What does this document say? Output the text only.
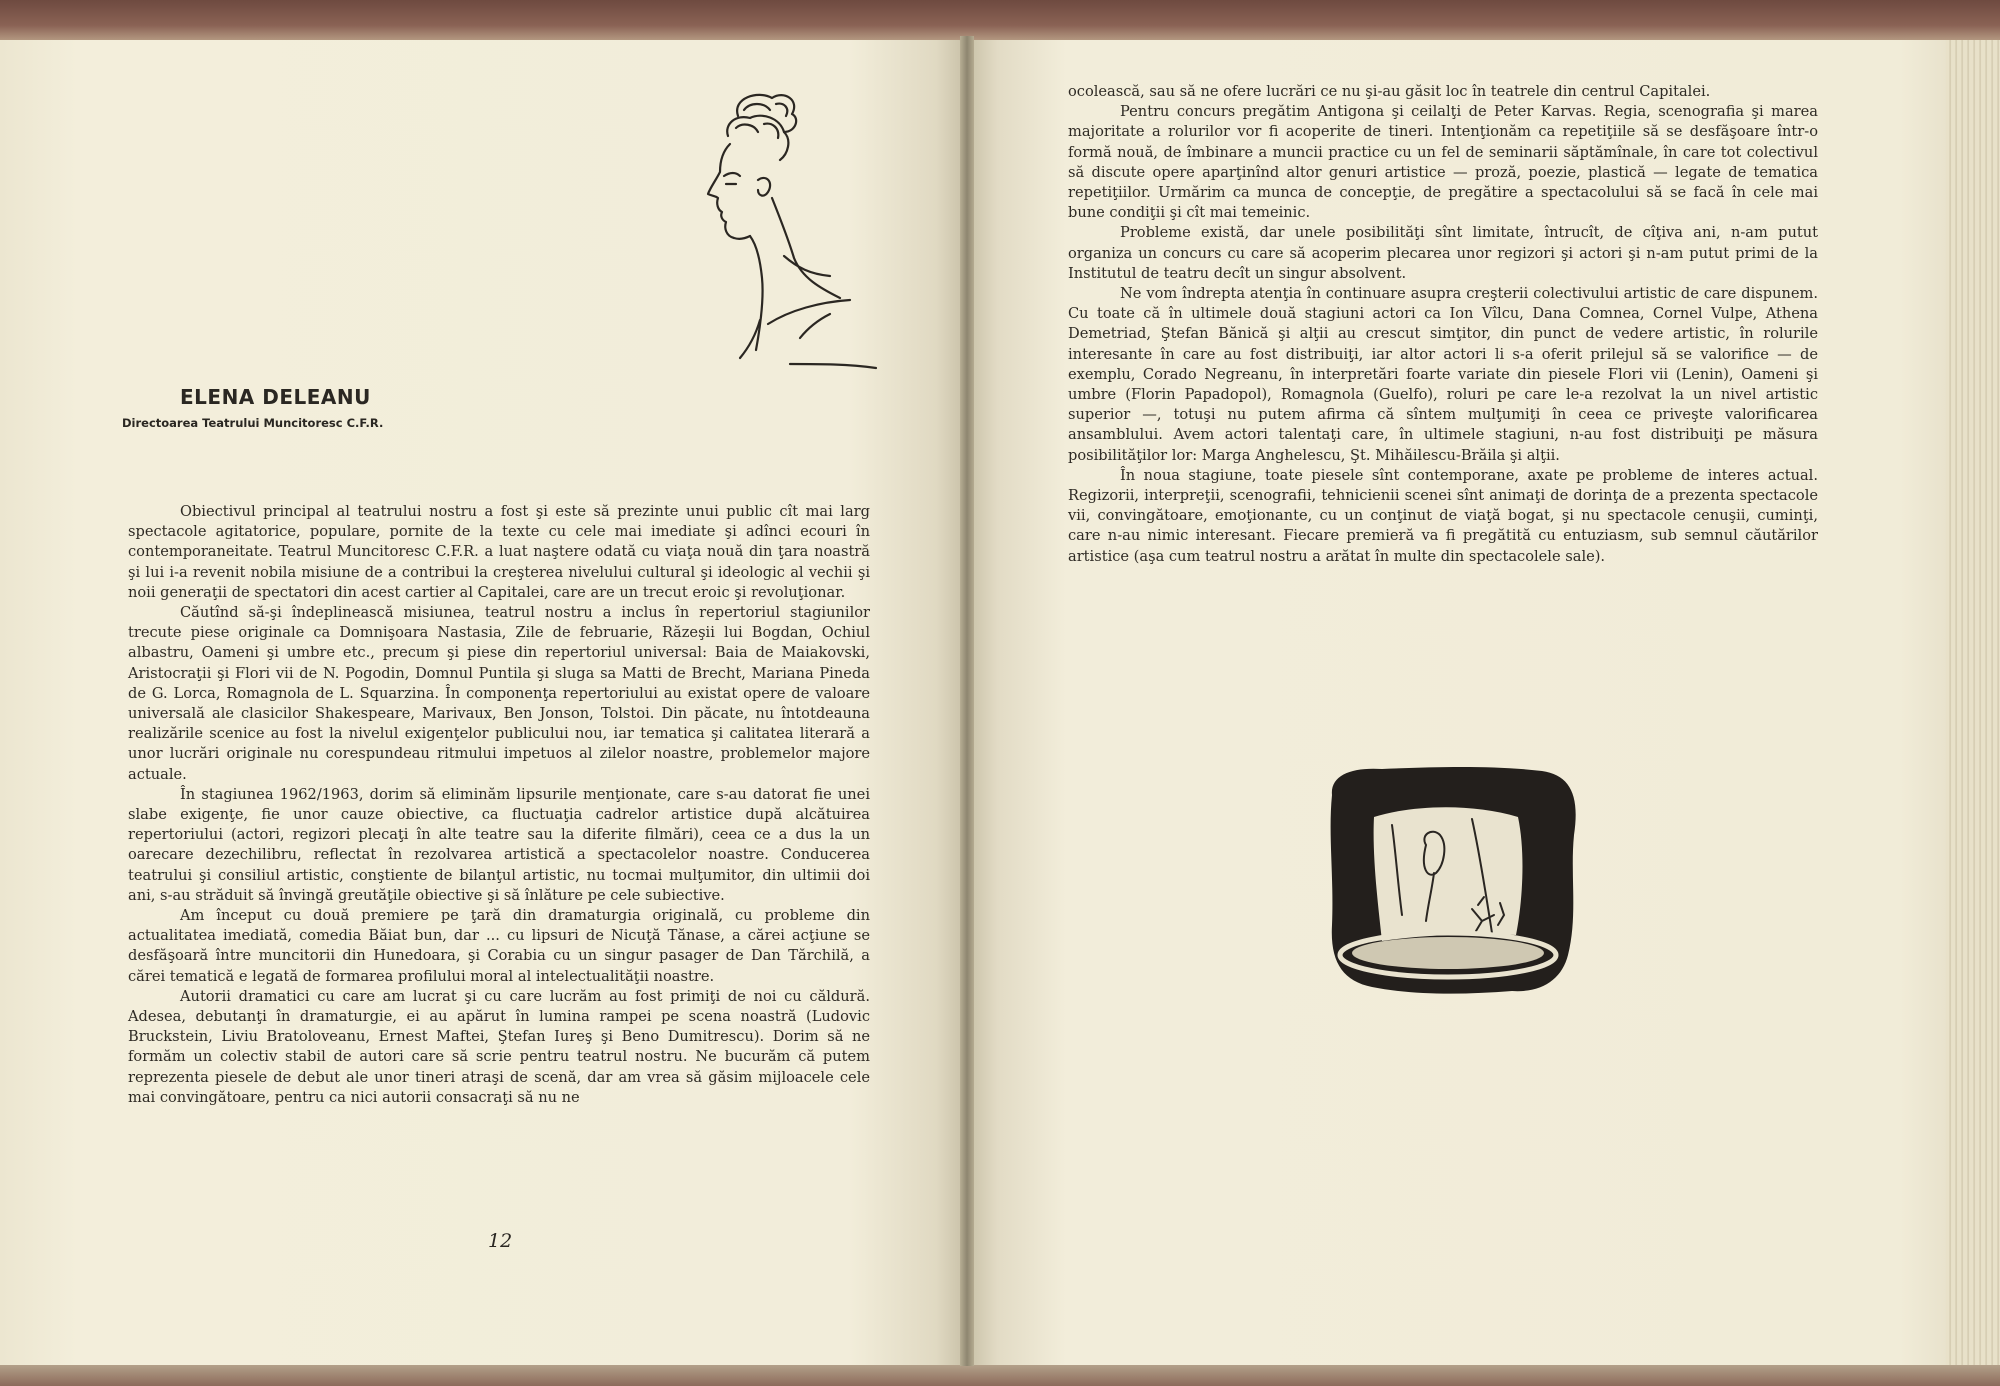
ELENA DELEANU
Directoarea Teatrului Muncitoresc C.F.R.

Obiectivul principal al teatrului nostru a fost şi este să prezinte unui public cît mai larg spectacole agitatorice, populare, pornite de la texte cu cele mai imediate şi adînci ecouri în contemporaneitate. Teatrul Muncitoresc C.F.R. a luat naştere odată cu viaţa nouă din ţara noastră şi lui i-a revenit nobila misiune de a contribui la creşterea nivelului cultural şi ideologic al vechii şi noii generaţii de spectatori din acest cartier al Capitalei, care are un trecut eroic şi revoluţionar.

Căutînd să-şi îndeplinească misiunea, teatrul nostru a inclus în repertoriul stagiunilor trecute piese originale ca Domnişoara Nastasia, Zile de februarie, Răzeşii lui Bogdan, Ochiul albastru, Oameni şi umbre etc., precum şi piese din repertoriul universal: Baia de Maiakovski, Aristocraţii şi Flori vii de N. Pogodin, Domnul Puntila şi sluga sa Matti de Brecht, Mariana Pineda de G. Lorca, Romagnola de L. Squarzina. În componenţa repertoriului au existat opere de valoare universală ale clasicilor Shakespeare, Marivaux, Ben Jonson, Tolstoi. Din păcate, nu întotdeauna realizările scenice au fost la nivelul exigenţelor publicului nou, iar tematica şi calitatea literară a unor lucrări originale nu corespundeau ritmului impetuos al zilelor noastre, problemelor majore actuale.

În stagiunea 1962/1963, dorim să eliminăm lipsurile menţionate, care s-au datorat fie unei slabe exigenţe, fie unor cauze obiective, ca fluctuaţia cadrelor artistice după alcătuirea repertoriului (actori, regizori plecaţi în alte teatre sau la diferite filmări), ceea ce a dus la un oarecare dezechilibru, reflectat în rezolvarea artistică a spectacolelor noastre. Conducerea teatrului şi consiliul artistic, conştiente de bilanţul artistic, nu tocmai mulţumitor, din ultimii doi ani, s-au străduit să învingă greutăţile obiective şi să înlăture pe cele subiective.

Am început cu două premiere pe ţară din dramaturgia originală, cu probleme din actualitatea imediată, comedia Băiat bun, dar ... cu lipsuri de Nicuţă Tănase, a cărei acţiune se desfăşoară între muncitorii din Hunedoara, şi Corabia cu un singur pasager de Dan Tărchilă, a cărei tematică e legată de formarea profilului moral al intelectualităţii noastre.

Autorii dramatici cu care am lucrat şi cu care lucrăm au fost primiţi de noi cu căldură. Adesea, debutanţi în dramaturgie, ei au apărut în lumina rampei pe scena noastră (Ludovic Bruckstein, Liviu Bratoloveanu, Ernest Maftei, Ştefan Iureş şi Beno Dumitrescu). Dorim să ne formăm un colectiv stabil de autori care să scrie pentru teatrul nostru. Ne bucurăm că putem reprezenta piesele de debut ale unor tineri atraşi de scenă, dar am vrea să găsim mijloacele cele mai convingătoare, pentru ca nici autorii consacraţi să nu ne

12

ocolească, sau să ne ofere lucrări ce nu şi-au găsit loc în teatrele din centrul Capitalei.

Pentru concurs pregătim Antigona şi ceilalţi de Peter Karvas. Regia, scenografia şi marea majoritate a rolurilor vor fi acoperite de tineri. Intenţionăm ca repetiţiile să se desfăşoare într-o formă nouă, de îmbinare a muncii practice cu un fel de seminarii săptămînale, în care tot colectivul să discute opere aparţinînd altor genuri artistice — proză, poezie, plastică — legate de tematica repetiţiilor. Urmărim ca munca de concepţie, de pregătire a spectacolului să se facă în cele mai bune condiţii şi cît mai temeinic.

Probleme există, dar unele posibilităţi sînt limitate, întrucît, de cîţiva ani, n-am putut organiza un concurs cu care să acoperim plecarea unor regizori şi actori şi n-am putut primi de la Institutul de teatru decît un singur absolvent.

Ne vom îndrepta atenţia în continuare asupra creşterii colectivului artistic de care dispunem. Cu toate că în ultimele două stagiuni actori ca Ion Vîlcu, Dana Comnea, Cornel Vulpe, Athena Demetriad, Ştefan Bănică şi alţii au crescut simţitor, din punct de vedere artistic, în rolurile interesante în care au fost distribuiţi, iar altor actori li s-a oferit prilejul să se valorifice — de exemplu, Corado Negreanu, în interpretări foarte variate din piesele Flori vii (Lenin), Oameni şi umbre (Florin Papadopol), Romagnola (Guelfo), roluri pe care le-a rezolvat la un nivel artistic superior —, totuşi nu putem afirma că sîntem mulţumiţi în ceea ce priveşte valorificarea ansamblului. Avem actori talentaţi care, în ultimele stagiuni, n-au fost distribuiţi pe măsura posibilităţilor lor: Marga Anghelescu, Şt. Mihăilescu-Brăila şi alţii.

În noua stagiune, toate piesele sînt contemporane, axate pe probleme de interes actual. Regizorii, interpreţii, scenografii, tehnicienii scenei sînt animaţi de dorinţa de a prezenta spectacole vii, convingătoare, emoţionante, cu un conţinut de viaţă bogat, şi nu spectacole cenuşii, cuminţi, care n-au nimic interesant. Fiecare premieră va fi pregătită cu entuziasm, sub semnul căutărilor artistice (aşa cum teatrul nostru a arătat în multe din spectacolele sale).
